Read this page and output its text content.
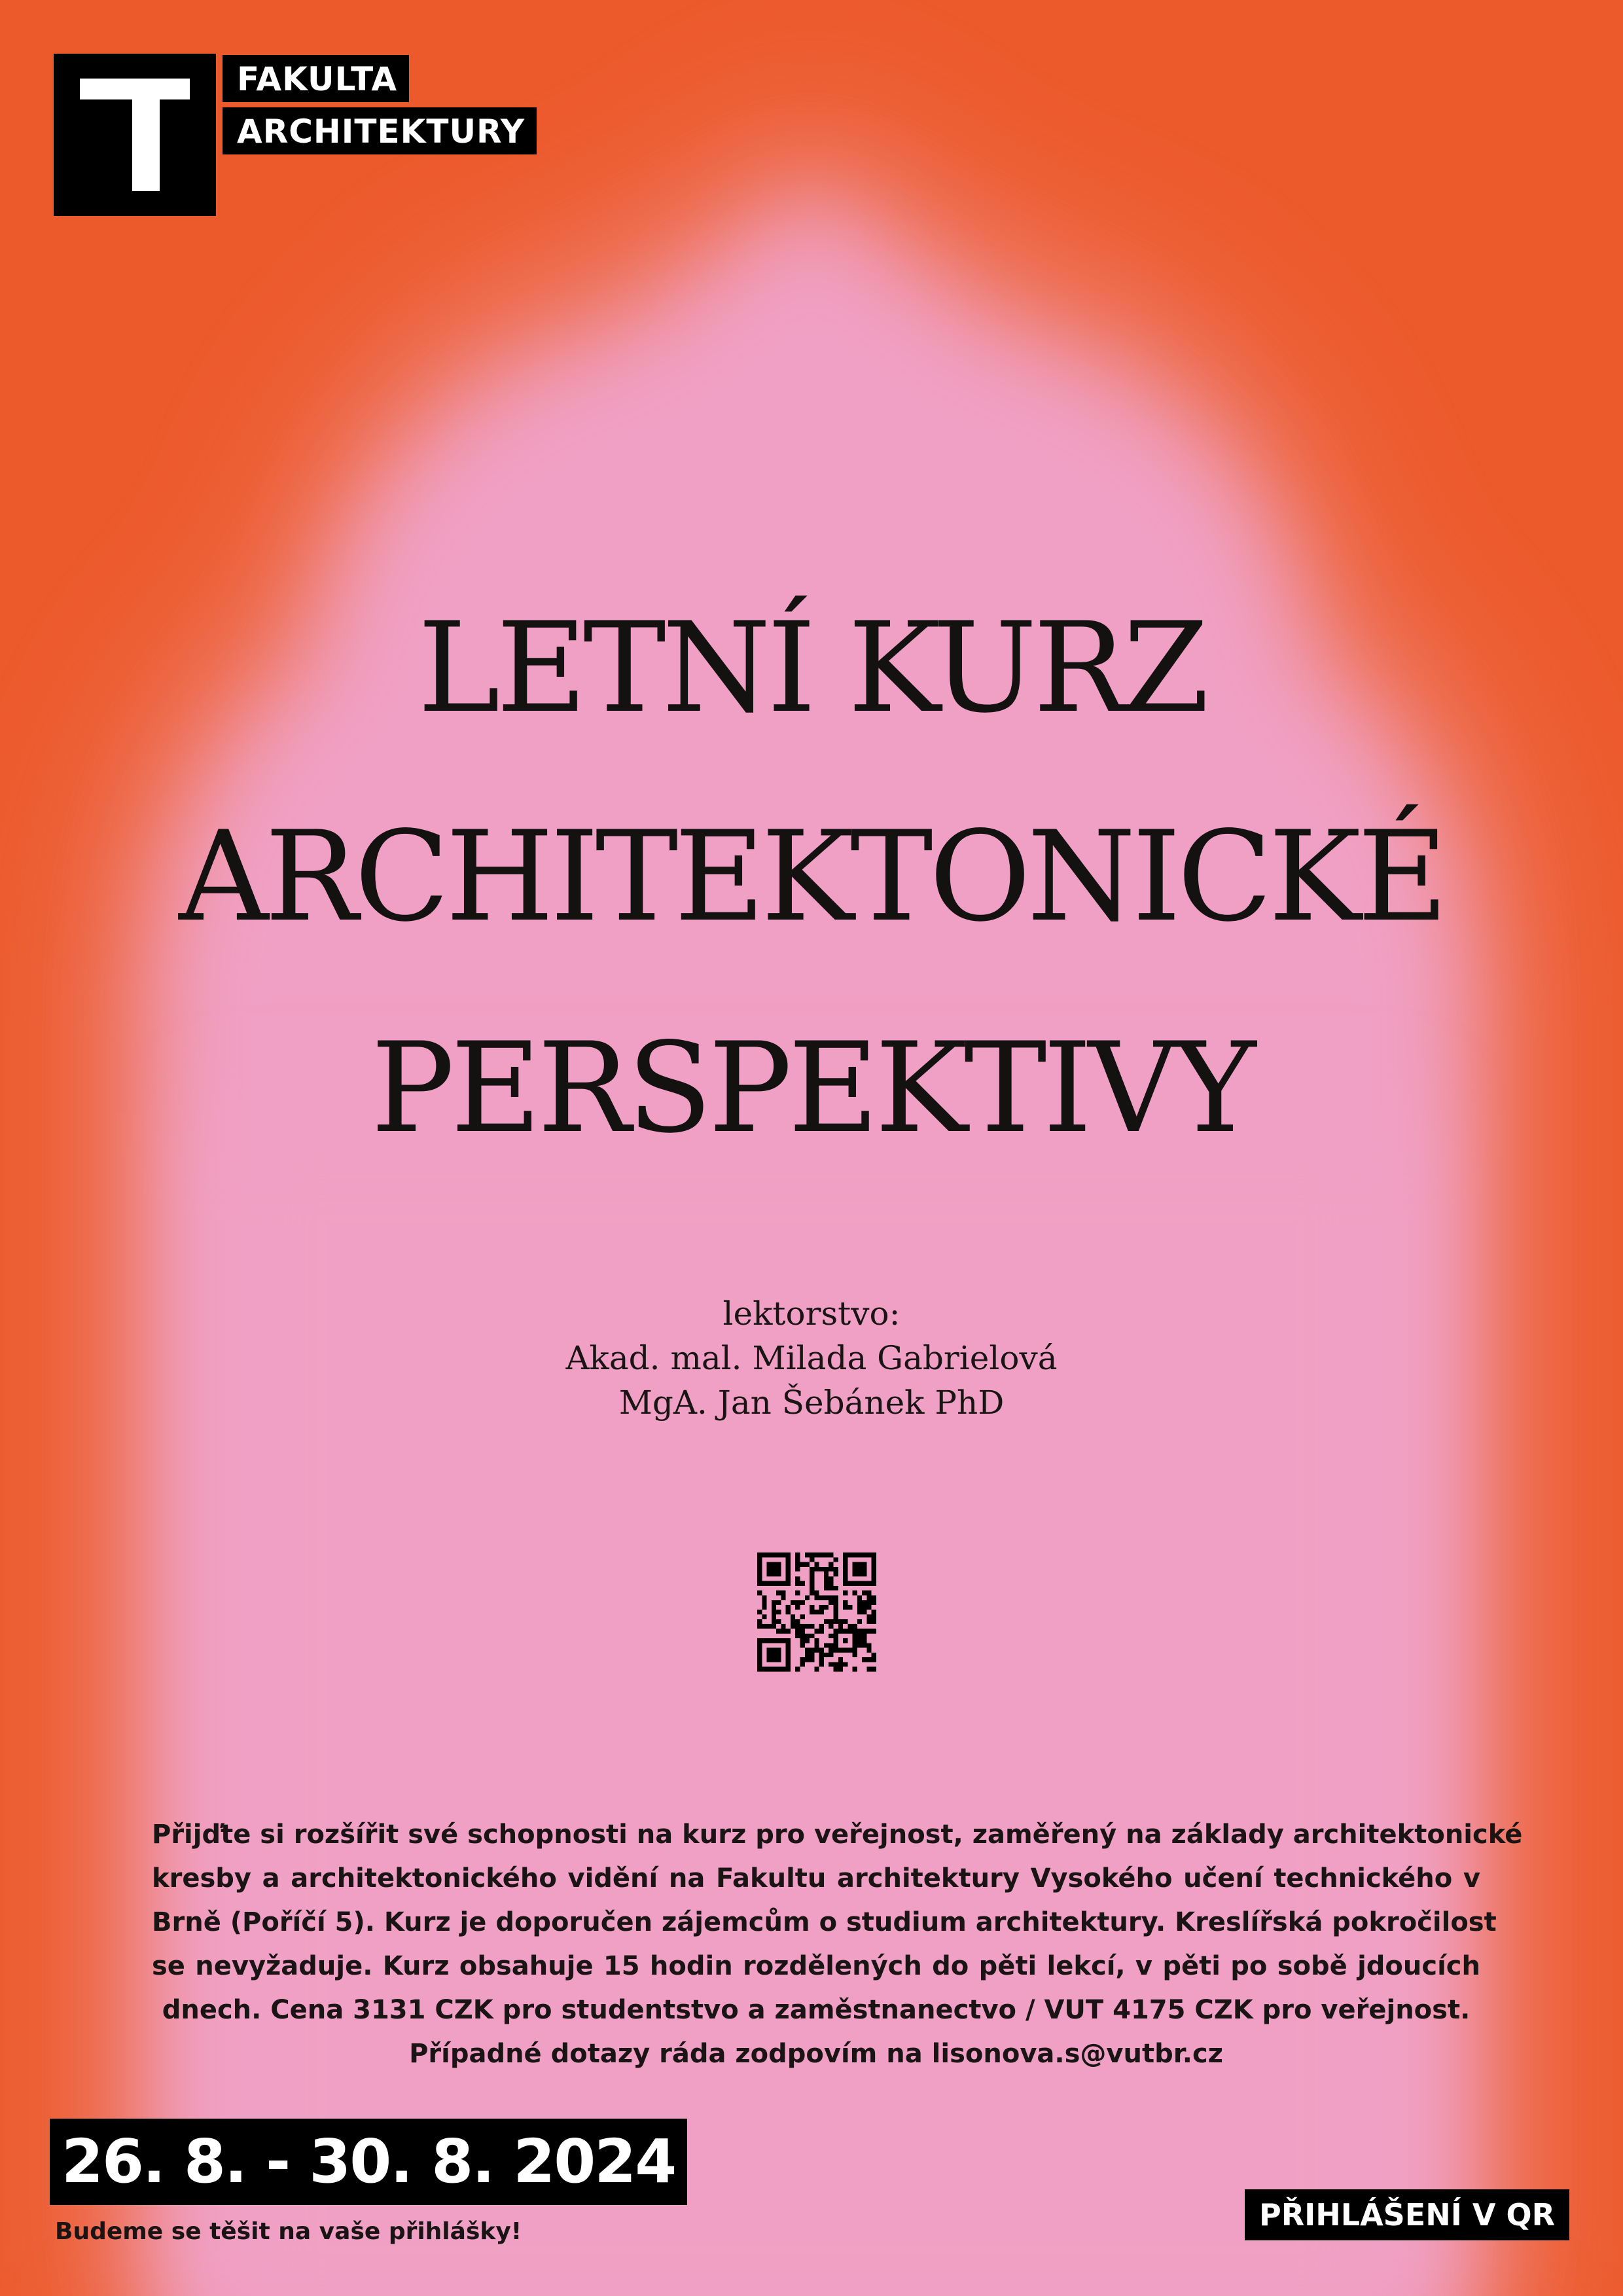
FAKULTA
ARCHITEKTURY
LETNÍ KURZ
ARCHITEKTONICKÉ
PERSPEKTIVY
lektorstvo:
Akad. mal. Milada Gabrielová
MgA. Jan Šebánek PhD
Přijďte si rozšířit své schopnosti na kurz pro veřejnost, zaměřený na základy architektonické
kresby a architektonického vidění na Fakultu architektury Vysokého učení technického v
Brně (Poříčí 5). Kurz je doporučen zájemcům o studium architektury. Kreslířská pokročilost
se nevyžaduje. Kurz obsahuje 15 hodin rozdělených do pěti lekcí, v pěti po sobě jdoucích
dnech. Cena 3131 CZK pro studentstvo a zaměstnanectvo / VUT 4175 CZK pro veřejnost.
Případné dotazy ráda zodpovím na lisonova.s@vutbr.cz
26. 8. - 30. 8. 2024
Budeme se těšit na vaše přihlášky!	PŘIHLÁŠENÍ V QR
